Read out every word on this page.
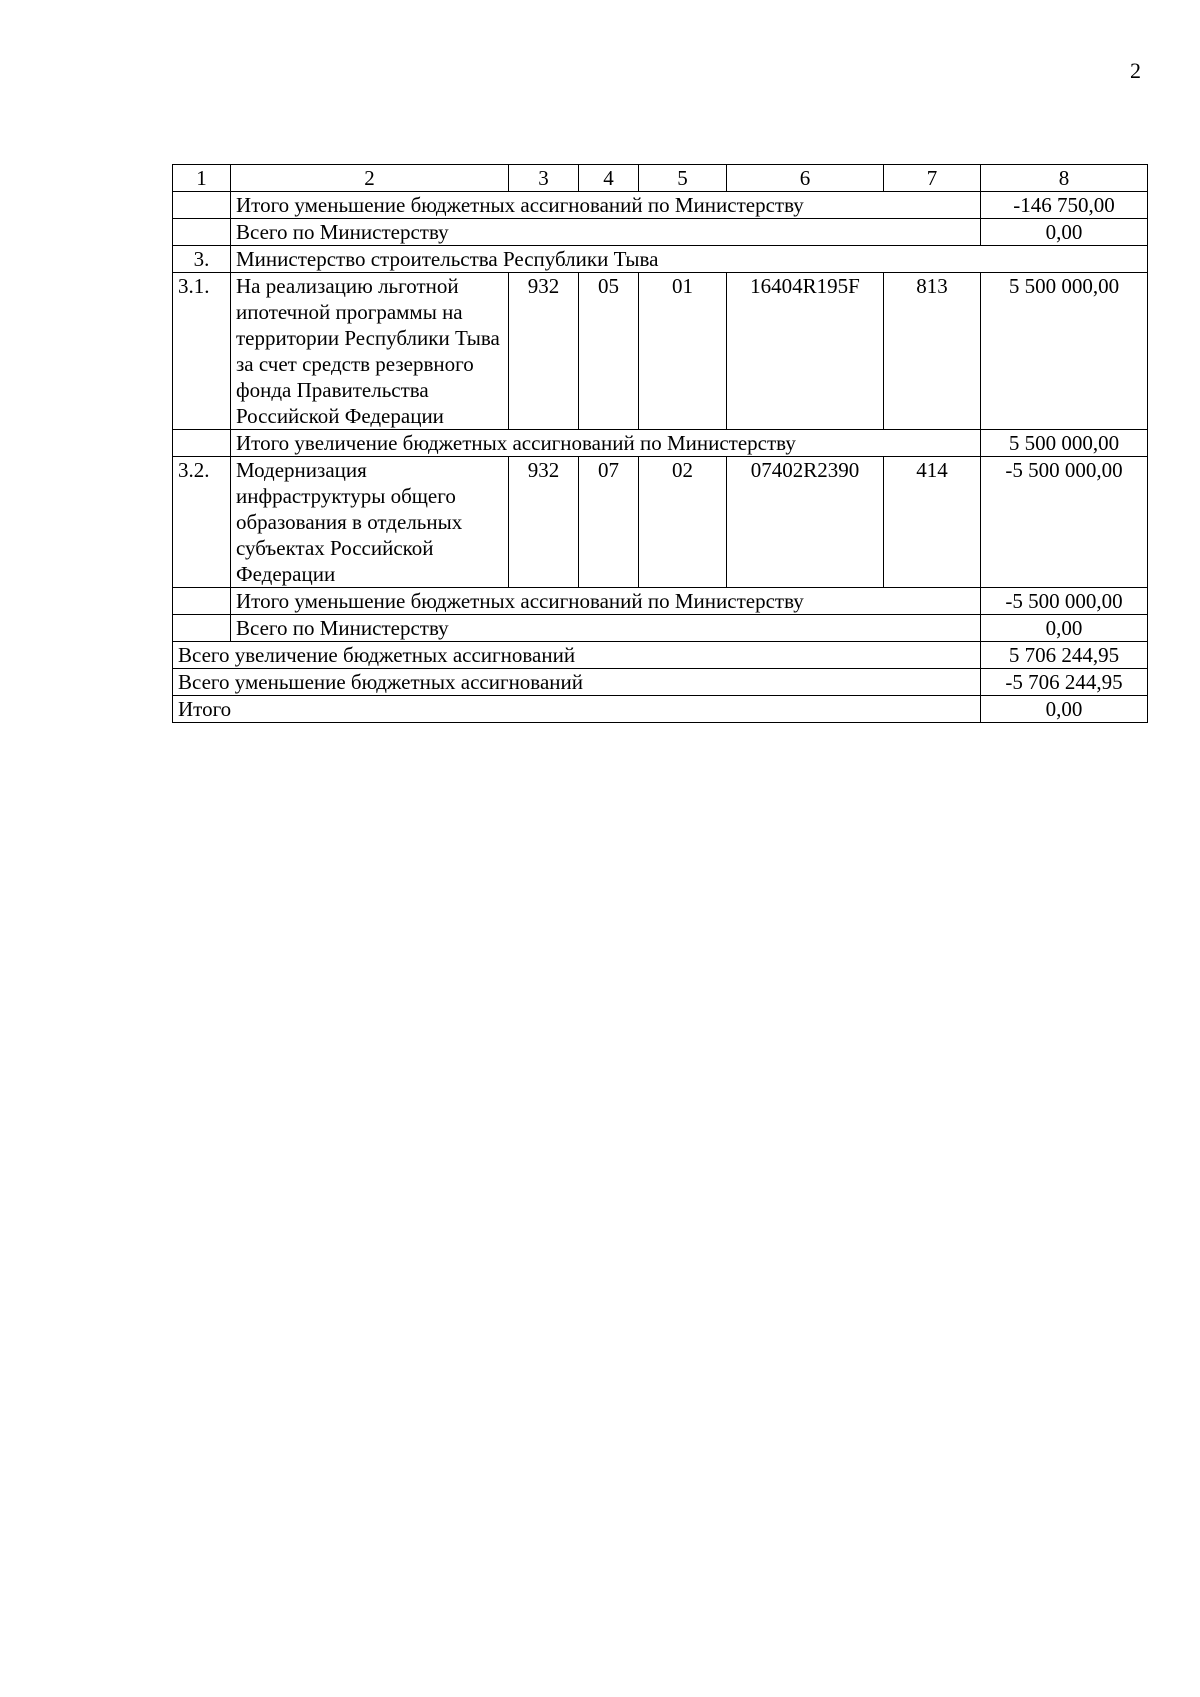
2
1	2	3	4	5	6	7	8
	Итого уменьшение бюджетных ассигнований по Министерству						-146 750,00
	Всего по Министерству						0,00
3.	Министерство строительства Республики Тыва						
3.1.	На реализацию льготной ипотечной программы на территории Республики Тыва за счет средств резервного фонда Правительства Российской Федерации	932	05	01	16404R195F	813	5 500 000,00
	Итого увеличение бюджетных ассигнований по Министерству						5 500 000,00
3.2.	Модернизация инфраструктуры общего образования в отдельных субъектах Российской Федерации	932	07	02	07402R2390	414	-5 500 000,00
	Итого уменьшение бюджетных ассигнований по Министерству						-5 500 000,00
	Всего по Министерству						0,00
Всего увеличение бюджетных ассигнований							5 706 244,95
Всего уменьшение бюджетных ассигнований							-5 706 244,95
Итого							0,00
